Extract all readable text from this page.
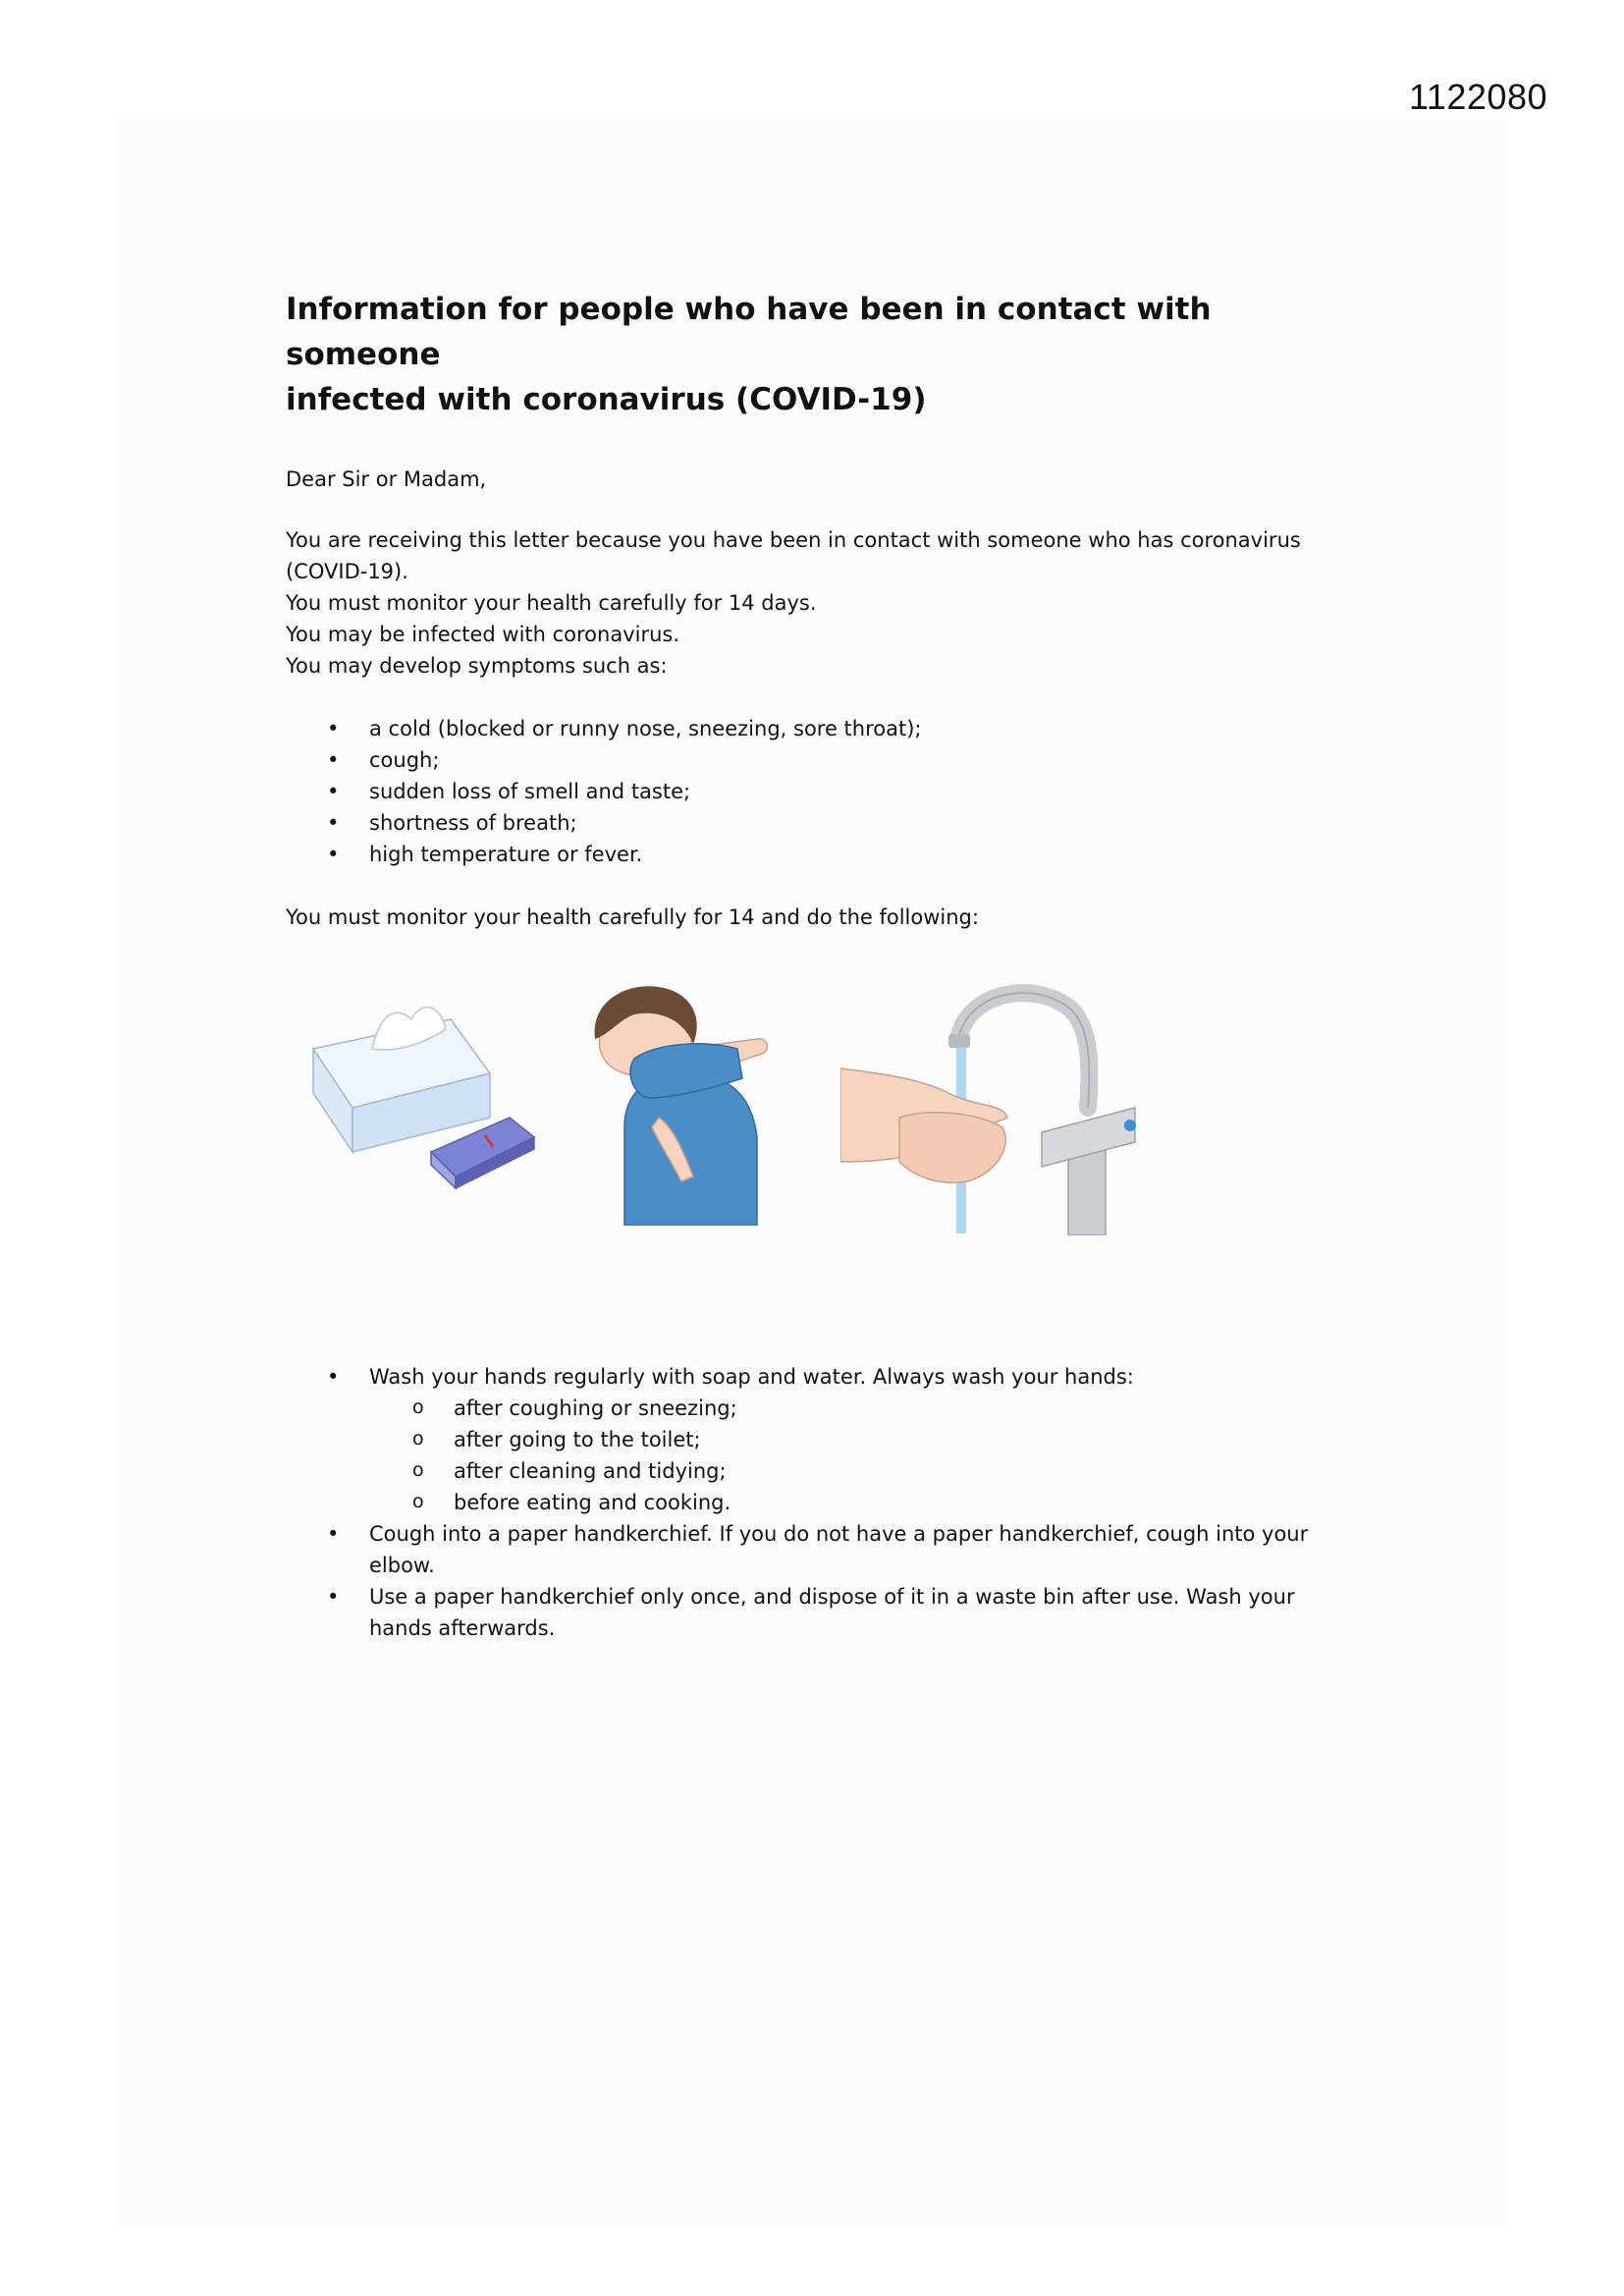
1122080
Information for people who have been in contact with someone
infected with coronavirus (COVID-19)
Dear Sir or Madam,
You are receiving this letter because you have been in contact with someone who has coronavirus
(COVID-19).
You must monitor your health carefully for 14 days.
You may be infected with coronavirus.
You may develop symptoms such as:
• a cold (blocked or runny nose, sneezing, sore throat);
• cough;
• sudden loss of smell and taste;
• shortness of breath;
• high temperature or fever.
You must monitor your health carefully for 14 and do the following:
• Wash your hands regularly with soap and water. Always wash your hands:
o after coughing or sneezing;
o after going to the toilet;
o after cleaning and tidying;
o before eating and cooking.
• Cough into a paper handkerchief. If you do not have a paper handkerchief, cough into your
elbow.
• Use a paper handkerchief only once, and dispose of it in a waste bin after use. Wash your
hands afterwards.
